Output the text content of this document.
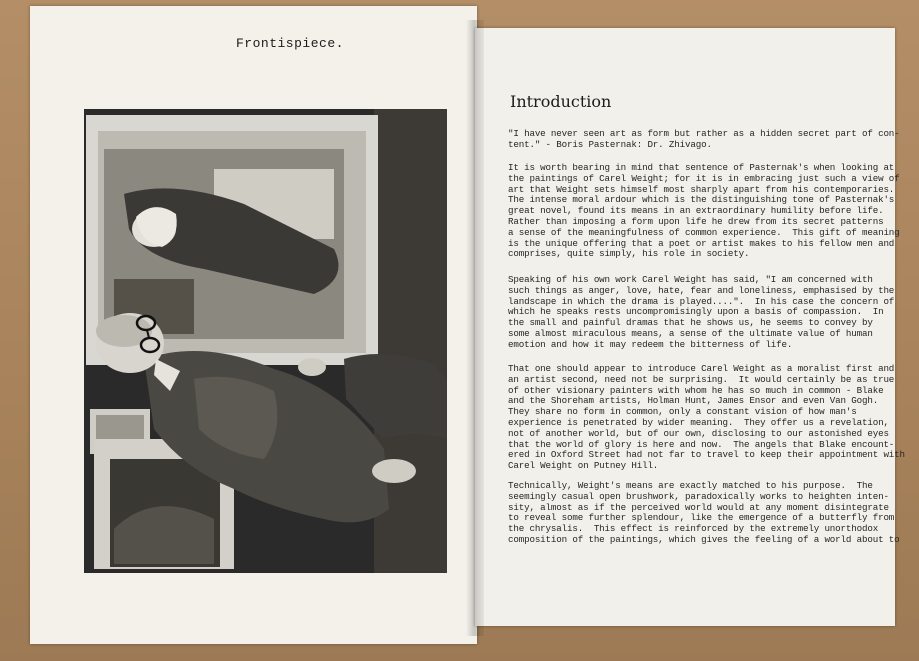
Frontispiece.
Introduction

"I have never seen art as form but rather as a hidden secret part
tent." - Boris Pasternak: Dr. Zhivago.

It is worth bearing in mind that sentence of Pasternak's when looking
the paintings of Carel Weight; for it is in embracing just such a
art that Weight sets himself most sharply apart from his contemporaries.
The intense moral ardour which is the distinguishing tone of
great novel, found its means in an extraordinary humility before
Rather than imposing a form upon life he drew from its secret patterns
a sense of the meaningfulness of common experience.  This gift of
is the unique offering that a poet or artist makes to his fellow
comprises, quite simply, his role in society.

Speaking of his own work Carel Weight has said, "I am concerned with
such things as anger, love, hate, fear and loneliness, emphasised
landscape in which the drama is played....".  In his case the concern
which he speaks rests uncompromisingly upon a basis of compassion.
the small and painful dramas that he shows us, he seems to convey
some almost miraculous means, a sense of the ultimate value of human
emotion and how it may redeem the bitterness of life.

That one should appear to introduce Carel Weight as a moralist first
an artist second, need not be surprising.  It would certainly be as
of other visionary painters with whom he has so much in common -
and the Shoreham artists, Holman Hunt, James Ensor and even Van
They share no form in common, only a constant vision of how man's
experience is penetrated by wider meaning.  They offer us a revelation,
not of another world, but of our own, disclosing to our astonished
that the world of glory is here and now.  The angels that Blake
ered in Oxford Street had not far to travel to keep their appointment
Carel Weight on Putney Hill.

Technically, Weight's means are exactly matched to his purpose.
seemingly casual open brushwork, paradoxically works to heighten
sity, almost as if the perceived world would at any moment disintegrate
to reveal some further splendour, like the emergence of a butterfly
the chrysalis.  This effect is reinforced by the extremely unorthodox
composition of the paintings, which gives the feeling of a world
